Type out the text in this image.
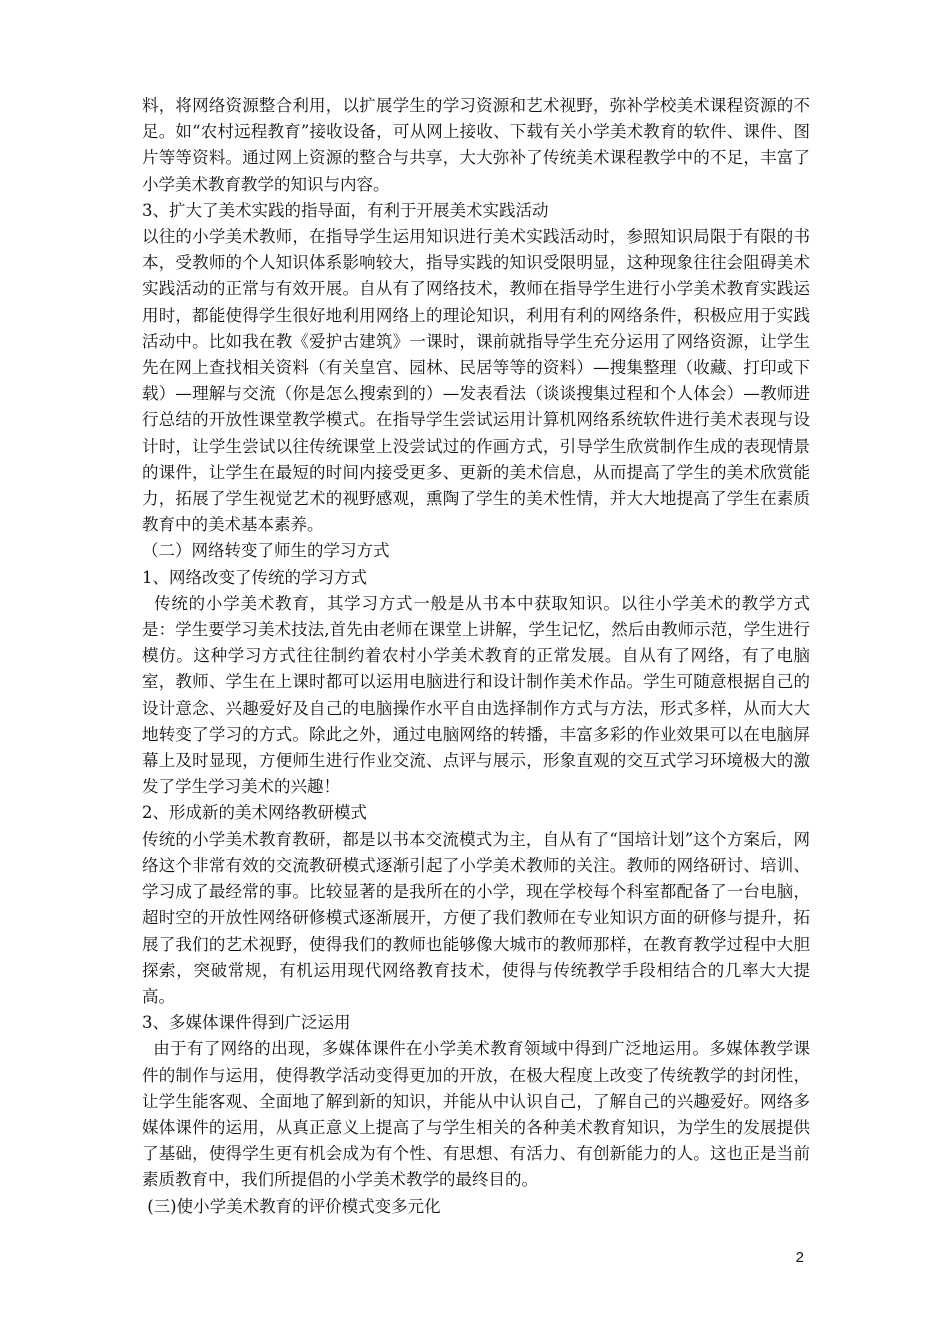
料，将网络资源整合利用，以扩展学生的学习资源和艺术视野，弥补学校美术课程资源的不足。如“农村远程教育”接收设备，可从网上接收、下载有关小学美术教育的软件、课件、图片等等资料。通过网上资源的整合与共享，大大弥补了传统美术课程教学中的不足，丰富了小学美术教育教学的知识与内容。

3、扩大了美术实践的指导面，有利于开展美术实践活动

以往的小学美术教师，在指导学生运用知识进行美术实践活动时，参照知识局限于有限的书本，受教师的个人知识体系影响较大，指导实践的知识受限明显，这种现象往往会阻碍美术实践活动的正常与有效开展。自从有了网络技术，教师在指导学生进行小学美术教育实践运用时，都能使得学生很好地利用网络上的理论知识，利用有利的网络条件，积极应用于实践活动中。比如我在教《爱护古建筑》一课时，课前就指导学生充分运用了网络资源，让学生先在网上查找相关资料（有关皇宫、园林、民居等等的资料）—搜集整理（收藏、打印或下载）—理解与交流（你是怎么搜索到的）—发表看法（谈谈搜集过程和个人体会）—教师进行总结的开放性课堂教学模式。在指导学生尝试运用计算机网络系统软件进行美术表现与设计时，让学生尝试以往传统课堂上没尝试过的作画方式，引导学生欣赏制作生成的表现情景的课件，让学生在最短的时间内接受更多、更新的美术信息，从而提高了学生的美术欣赏能力，拓展了学生视觉艺术的视野感观，熏陶了学生的美术性情，并大大地提高了学生在素质教育中的美术基本素养。

（二）网络转变了师生的学习方式

1、网络改变了传统的学习方式

传统的小学美术教育，其学习方式一般是从书本中获取知识。以往小学美术的教学方式是：学生要学习美术技法,首先由老师在课堂上讲解，学生记忆，然后由教师示范，学生进行模仿。这种学习方式往往制约着农村小学美术教育的正常发展。自从有了网络，有了电脑室，教师、学生在上课时都可以运用电脑进行和设计制作美术作品。学生可随意根据自己的设计意念、兴趣爱好及自己的电脑操作水平自由选择制作方式与方法，形式多样，从而大大地转变了学习的方式。除此之外，通过电脑网络的转播，丰富多彩的作业效果可以在电脑屏幕上及时显现，方便师生进行作业交流、点评与展示，形象直观的交互式学习环境极大的激发了学生学习美术的兴趣！

2、形成新的美术网络教研模式

传统的小学美术教育教研，都是以书本交流模式为主，自从有了“国培计划”这个方案后，网络这个非常有效的交流教研模式逐渐引起了小学美术教师的关注。教师的网络研讨、培训、学习成了最经常的事。比较显著的是我所在的小学，现在学校每个科室都配备了一台电脑，超时空的开放性网络研修模式逐渐展开，方便了我们教师在专业知识方面的研修与提升，拓展了我们的艺术视野，使得我们的教师也能够像大城市的教师那样，在教育教学过程中大胆探索，突破常规，有机运用现代网络教育技术，使得与传统教学手段相结合的几率大大提高。

3、多媒体课件得到广泛运用

由于有了网络的出现，多媒体课件在小学美术教育领域中得到广泛地运用。多媒体教学课件的制作与运用，使得教学活动变得更加的开放，在极大程度上改变了传统教学的封闭性，让学生能客观、全面地了解到新的知识，并能从中认识自己，了解自己的兴趣爱好。网络多媒体课件的运用，从真正意义上提高了与学生相关的各种美术教育知识，为学生的发展提供了基础，使得学生更有机会成为有个性、有思想、有活力、有创新能力的人。这也正是当前素质教育中，我们所提倡的小学美术教学的最终目的。

(三)使小学美术教育的评价模式变多元化

2
